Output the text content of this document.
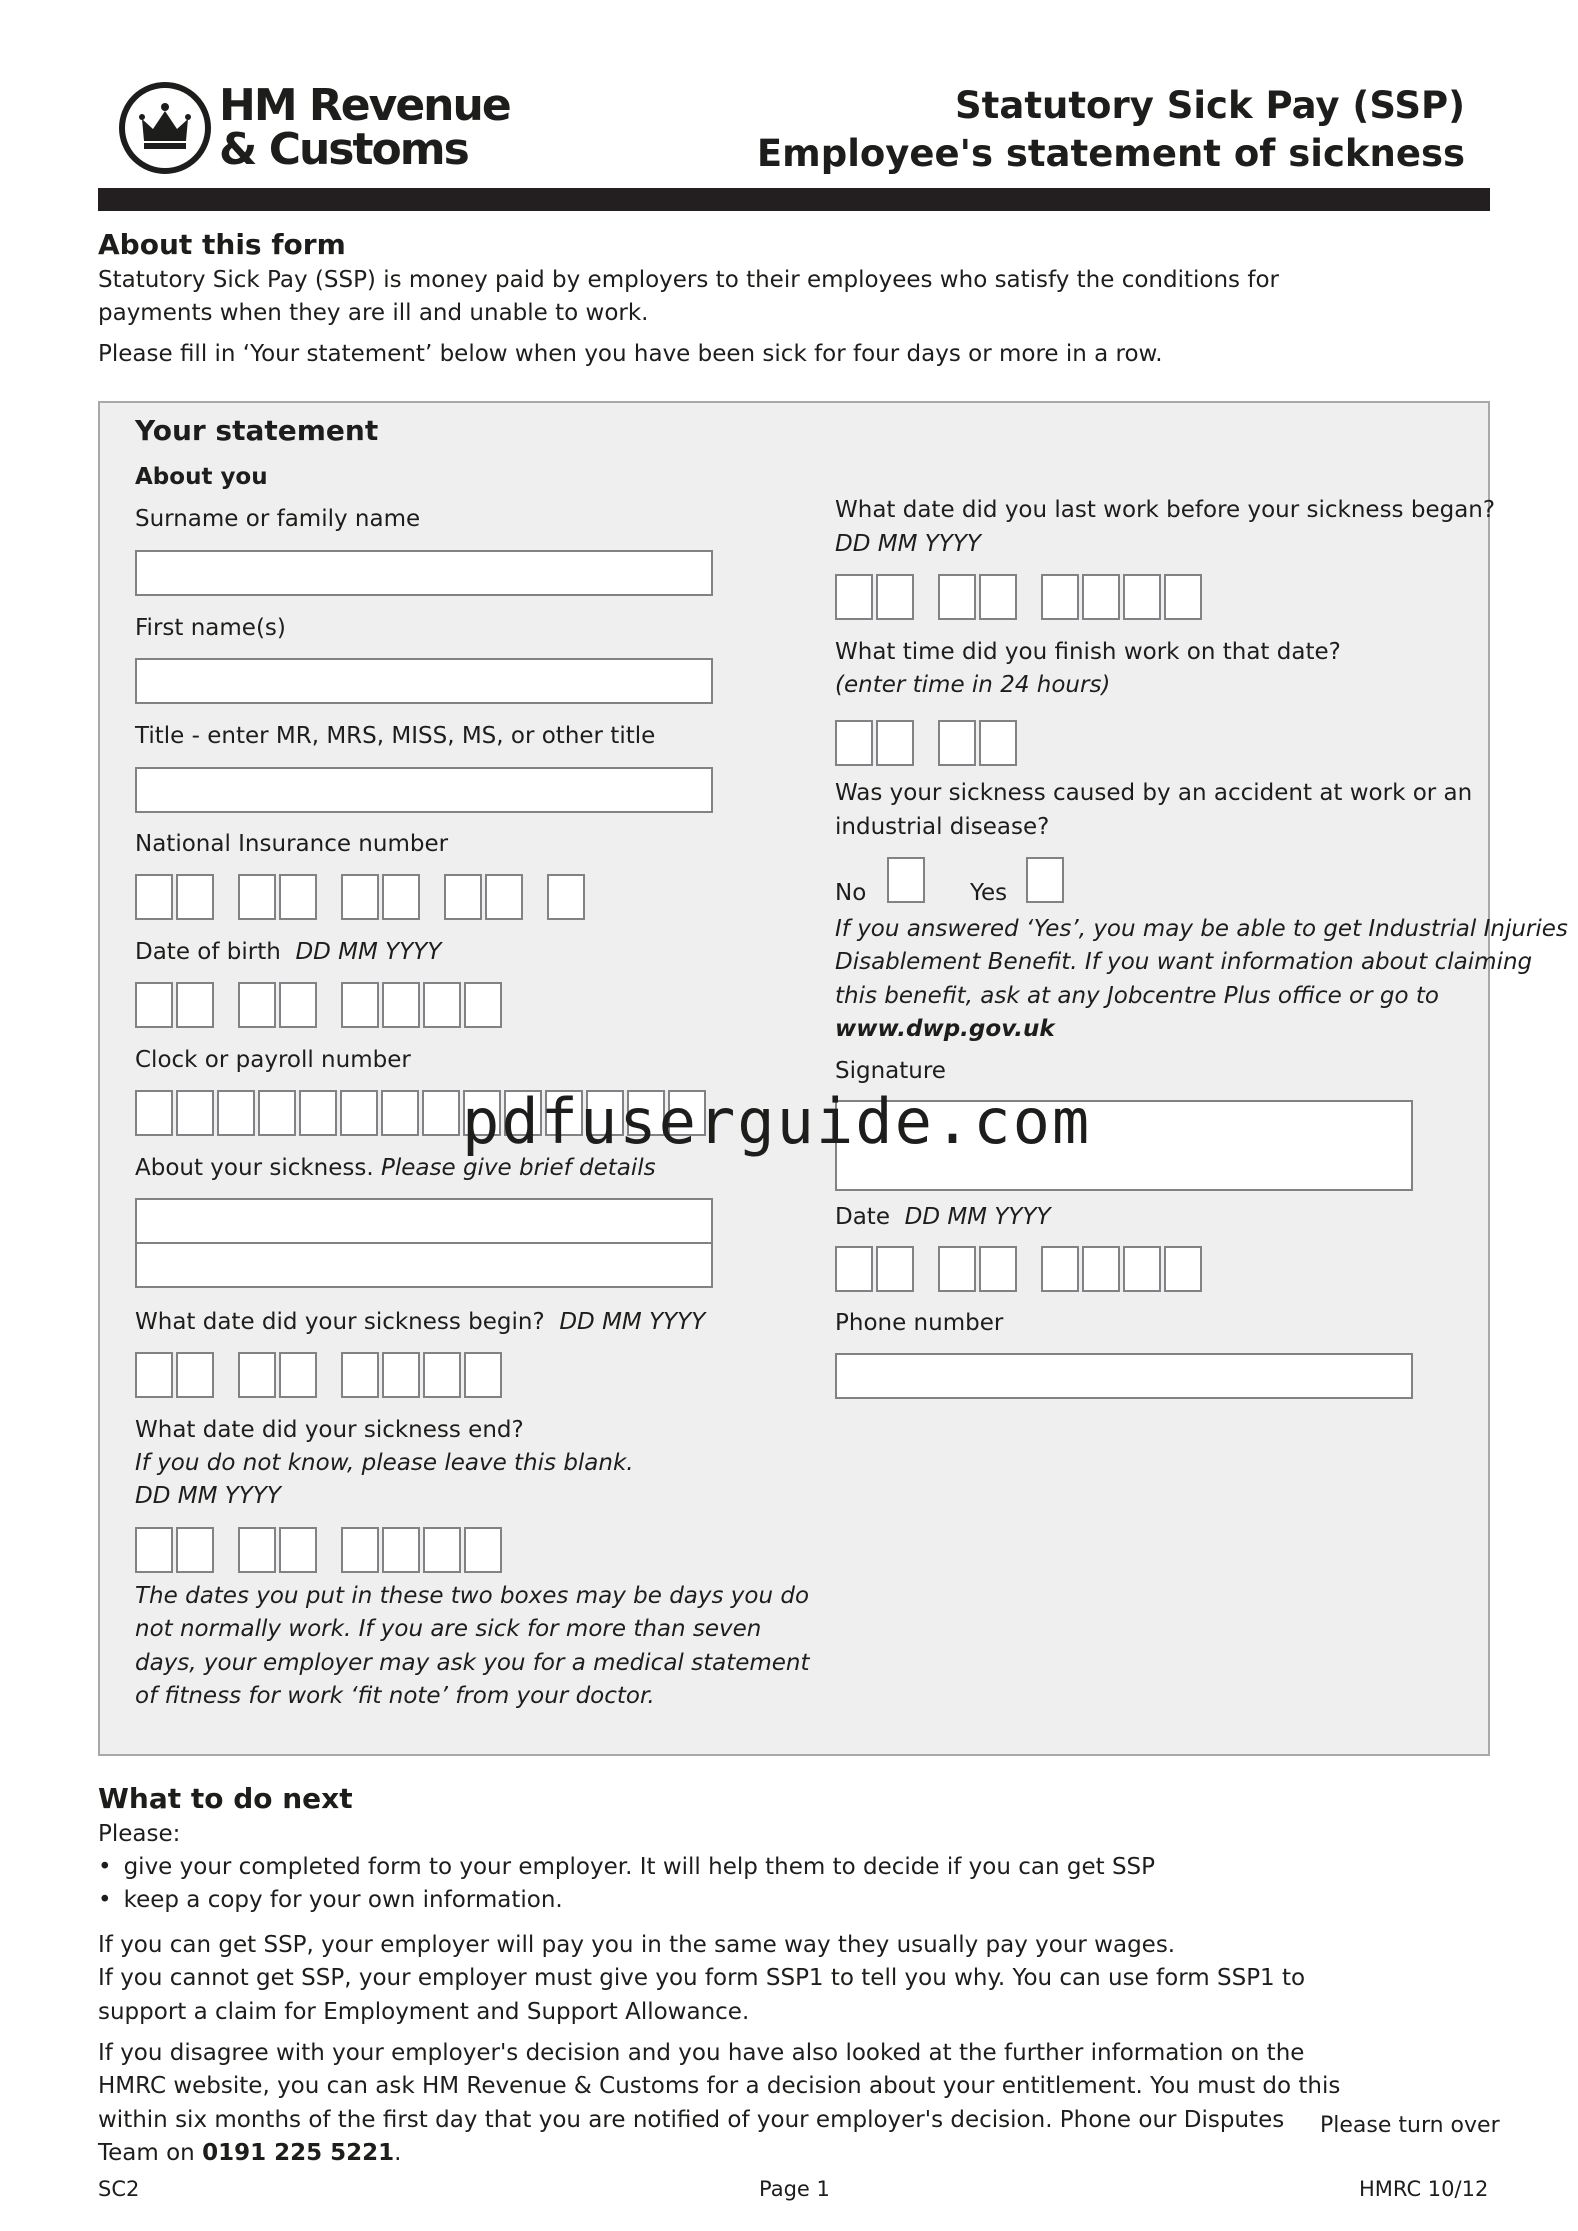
HM Revenue
& Customs
Statutory Sick Pay (SSP)
Employee's statement of sickness
About this form
Statutory Sick Pay (SSP) is money paid by employers to their employees who satisfy the conditions for
payments when they are ill and unable to work.
Please fill in ‘Your statement’ below when you have been sick for four days or more in a row.
Your statement
About you
Surname or family name
First name(s)
Title - enter MR, MRS, MISS, MS, or other title
National Insurance number
Date of birth DD MM YYYY
Clock or payroll number
About your sickness. Please give brief details
What date did your sickness begin? DD MM YYYY
What date did your sickness end?
If you do not know, please leave this blank.
DD MM YYYY
The dates you put in these two boxes may be days you do
not normally work. If you are sick for more than seven
days, your employer may ask you for a medical statement
of fitness for work ‘fit note’ from your doctor.
What date did you last work before your sickness began?
DD MM YYYY
What time did you finish work on that date?
(enter time in 24 hours)
Was your sickness caused by an accident at work or an
industrial disease?
No	Yes
If you answered ‘Yes’, you may be able to get Industrial Injuries
Disablement Benefit. If you want information about claiming
this benefit, ask at any Jobcentre Plus office or go to
www.dwp.gov.uk
Signature
Date DD MM YYYY
Phone number
pdfuserguide.com
What to do next
Please:
• give your completed form to your employer. It will help them to decide if you can get SSP
• keep a copy for your own information.
If you can get SSP, your employer will pay you in the same way they usually pay your wages.
If you cannot get SSP, your employer must give you form SSP1 to tell you why. You can use form SSP1 to
support a claim for Employment and Support Allowance.
If you disagree with your employer's decision and you have also looked at the further information on the
HMRC website, you can ask HM Revenue & Customs for a decision about your entitlement. You must do this
within six months of the first day that you are notified of your employer's decision. Phone our Disputes
Team on 0191 225 5221.
Please turn over
SC2	Page 1	HMRC 10/12
